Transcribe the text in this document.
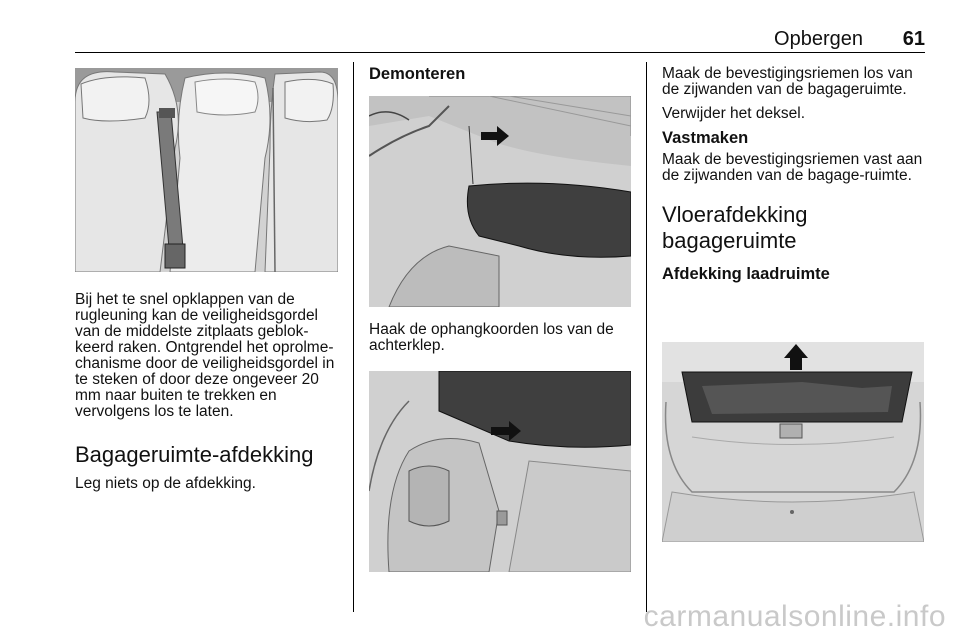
Opbergen 61

Bij het te snel opklappen van de rugleuning kan de veiligheidsgordel van de middelste zitplaats geblok-keerd raken. Ontgrendel het oprolme-chanisme door de veiligheidsgordel in te steken of door deze ongeveer 20 mm naar buiten te trekken en vervolgens los te laten.

Bagageruimte-afdekking

Leg niets op de afdekking.

Demonteren

Haak de ophangkoorden los van de achterklep.

Maak de bevestigingsriemen los van de zijwanden van de bagageruimte.

Verwijder het deksel.

Vastmaken

Maak de bevestigingsriemen vast aan de zijwanden van de bagage-ruimte.

Vloerafdekking bagageruimte

Afdekking laadruimte

carmanualsonline.info
